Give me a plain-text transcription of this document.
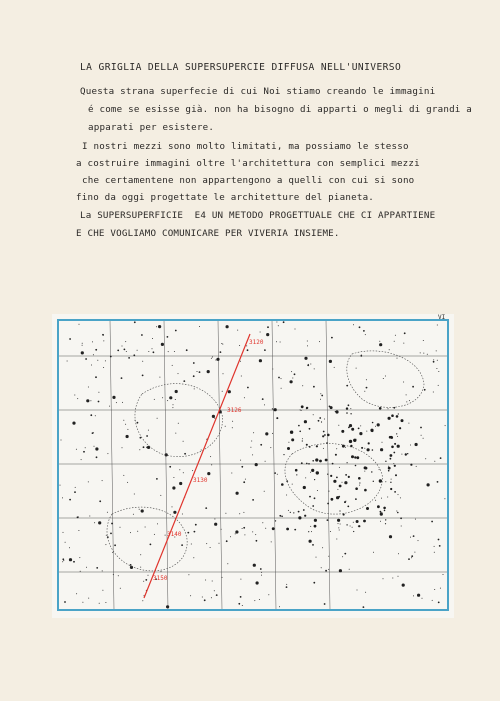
LA GRIGLIA DELLA SUPERSUPERCIE DIFFUSA NELL'UNIVERSO
Questa strana superfecie di cui Noi stiamo creando le immagini
é come se esisse già. non ha bisogno di apparti o megli di grandi a
apparati per esistere.
I nostri mezzi sono molto limitati, ma possiamo le stesso
a costruire immagini oltre l'architettura con semplici mezzi
che certamentene non appartengono a quelli con cui si sono
fino da oggi progettate le architetture del pianeta.
La SUPERSUPERFICIE  E4 UN METODO PROGETTUALE CHE CI APPARTIENE
E CHE VOGLIAMO COMUNICARE PER VIVERIA INSIEME.
3120
3126
3130
3140
3150
VI
